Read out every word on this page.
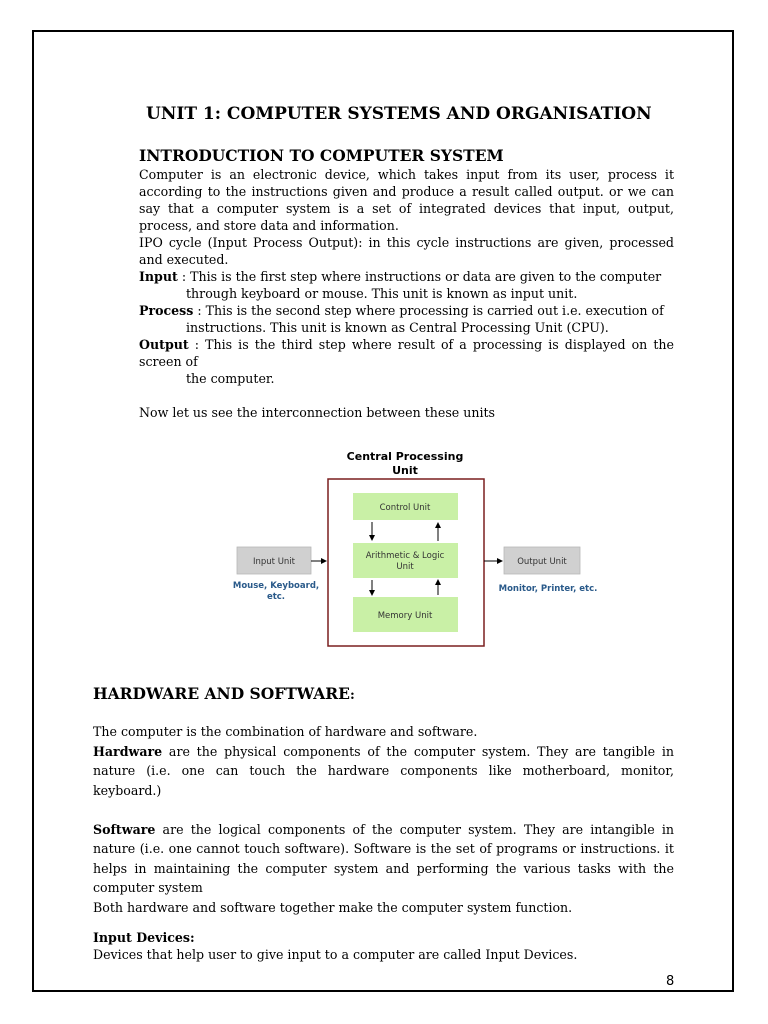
UNIT 1: COMPUTER SYSTEMS AND ORGANISATION
INTRODUCTION TO COMPUTER SYSTEM

Computer is an electronic device, which takes input from its user, process it according to the instructions given and produce a result called output. or we can say that a computer system is a set of integrated devices that input, output, process, and store data and information.

IPO cycle (Input Process Output): in this cycle instructions are given, processed and executed.

Input : This is the first step where instructions or data are given to the computer

through keyboard or mouse. This unit is known as input unit.

Process : This is the second step where processing is carried out i.e. execution of

instructions. This unit is known as Central Processing Unit (CPU).

Output : This is the third step where result of a processing is displayed on the screen of

the computer.

Now let us see the interconnection between these units

Central Processing
Unit
Control Unit
Arithmetic & Logic
Unit
Memory Unit
Input Unit
Mouse, Keyboard,
etc.
Output Unit
Monitor, Printer, etc.
HARDWARE AND SOFTWARE:

The computer is the combination of hardware and software.

Hardware are the physical components of the computer system. They are tangible in nature (i.e. one can touch the hardware components like motherboard, monitor, keyboard.)

Software are the logical components of the computer system. They are intangible in nature (i.e. one cannot touch software). Software is the set of programs or instructions. it helps in maintaining the computer system and performing the various tasks with the computer system

Both hardware and software together make the computer system function.

Input Devices:

Devices that help user to give input to a computer are called Input Devices.

8
